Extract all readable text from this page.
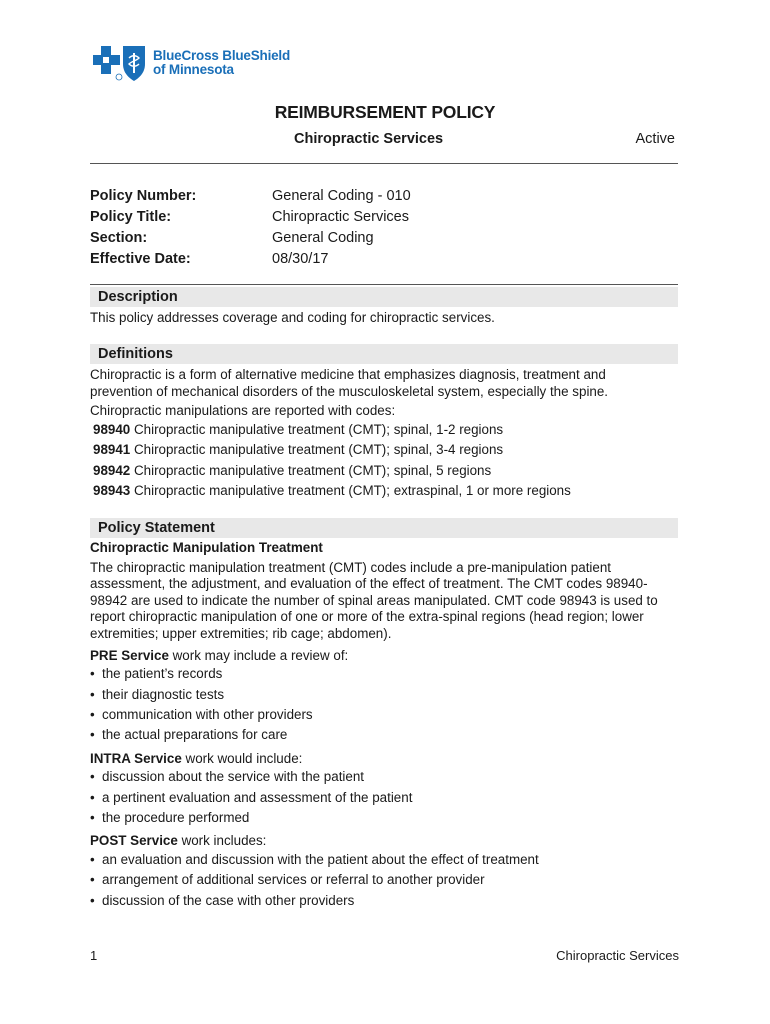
BlueCross BlueShield
of Minnesota
REIMBURSEMENT POLICY
Chiropractic Services	Active
Policy Number:	General Coding - 010
Policy Title:	Chiropractic Services
Section:	General Coding
Effective Date:	08/30/17
Description
This policy addresses coverage and coding for chiropractic services.
Definitions
Chiropractic is a form of alternative medicine that emphasizes diagnosis, treatment and
prevention of mechanical disorders of the musculoskeletal system, especially the spine.
Chiropractic manipulations are reported with codes:
98940 Chiropractic manipulative treatment (CMT); spinal, 1-2 regions
98941 Chiropractic manipulative treatment (CMT); spinal, 3-4 regions
98942 Chiropractic manipulative treatment (CMT); spinal, 5 regions
98943 Chiropractic manipulative treatment (CMT); extraspinal, 1 or more regions
Policy Statement
Chiropractic Manipulation Treatment
The chiropractic manipulation treatment (CMT) codes include a pre-manipulation patient
assessment, the adjustment, and evaluation of the effect of treatment. The CMT codes 98940-
98942 are used to indicate the number of spinal areas manipulated. CMT code 98943 is used to
report chiropractic manipulation of one or more of the extra-spinal regions (head region; lower
extremities; upper extremities; rib cage; abdomen).
PRE Service work may include a review of:
• the patient’s records
• their diagnostic tests
• communication with other providers
• the actual preparations for care
INTRA Service work would include:
• discussion about the service with the patient
• a pertinent evaluation and assessment of the patient
• the procedure performed
POST Service work includes:
• an evaluation and discussion with the patient about the effect of treatment
• arrangement of additional services or referral to another provider
• discussion of the case with other providers
1	Chiropractic Services
